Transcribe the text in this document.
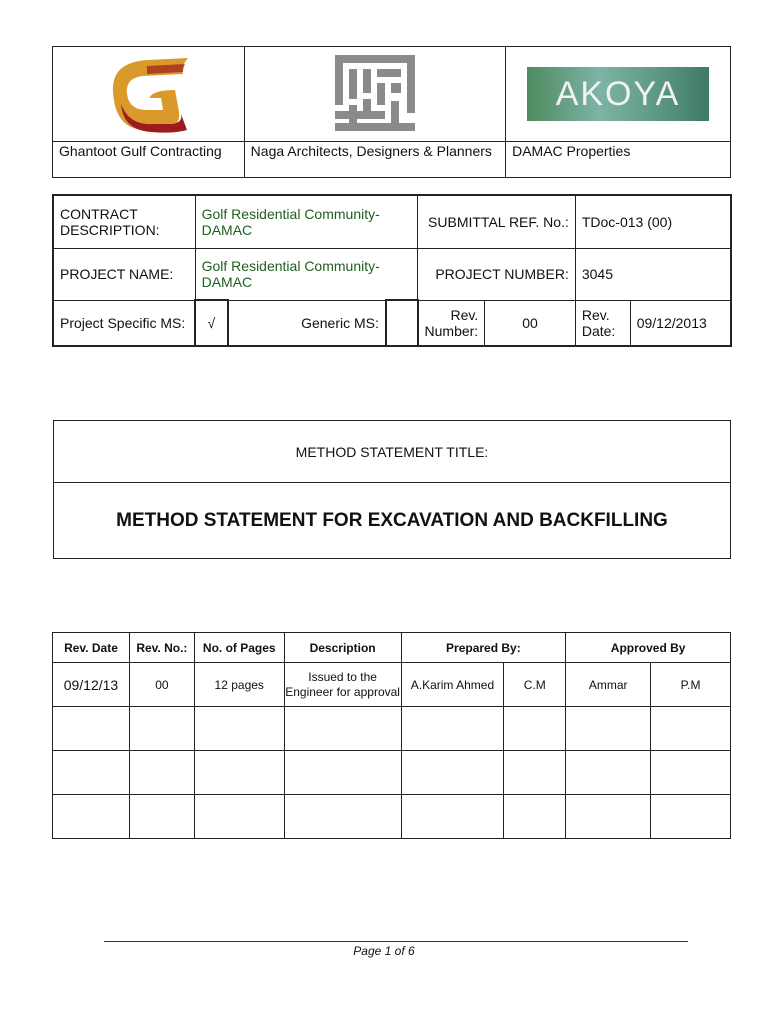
AKOYA

Ghantoot Gulf Contracting	Naga Architects, Designers & Planners	DAMAC Properties
CONTRACT DESCRIPTION:	Golf Residential Community-DAMAC			SUBMITTAL REF. No.:		TDoc-013 (00)	
PROJECT NAME:	Golf Residential Community-DAMAC			PROJECT NUMBER:		3045	
Project Specific MS:	√	Generic MS:		Rev. Number:	00	Rev. Date:	09/12/2013
METHOD STATEMENT TITLE:
METHOD STATEMENT FOR EXCAVATION AND BACKFILLING
Rev. Date	Rev. No.:	No. of Pages	Description	Prepared By:		Approved By	
09/12/13	00	12 pages	Issued to the Engineer for approval	A.Karim Ahmed	C.M	Ammar	P.M

Page 1 of 6
